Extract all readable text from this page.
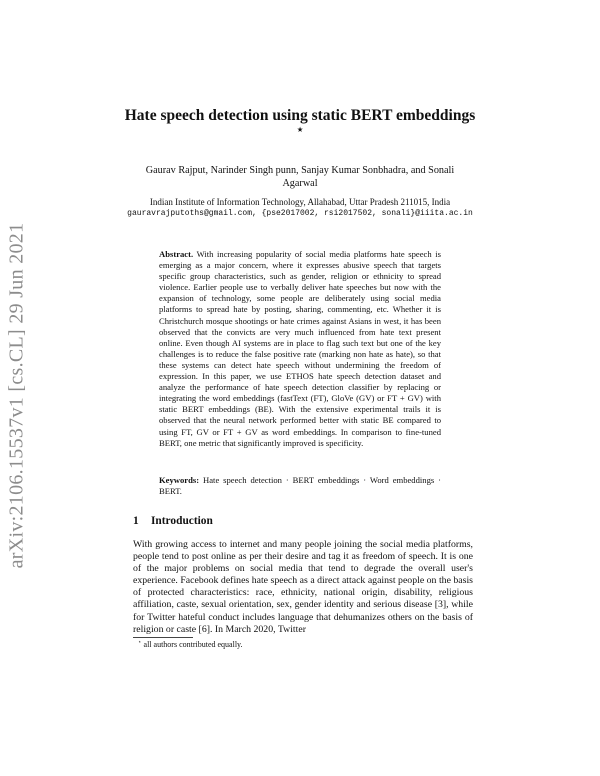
arXiv:2106.15537v1 [cs.CL] 29 Jun 2021
Hate speech detection using static BERT embeddings ⋆
Gaurav Rajput, Narinder Singh punn, Sanjay Kumar Sonbhadra, and Sonali Agarwal
Indian Institute of Information Technology, Allahabad, Uttar Pradesh 211015, India
gauravrajputoths@gmail.com, {pse2017002, rsi2017502, sonali}@iiita.ac.in
Abstract. With increasing popularity of social media platforms hate speech is emerging as a major concern, where it expresses abusive speech that targets specific group characteristics, such as gender, religion or ethnicity to spread violence. Earlier people use to verbally deliver hate speeches but now with the expansion of technology, some people are deliberately using social media platforms to spread hate by posting, sharing, commenting, etc. Whether it is Christchurch mosque shootings or hate crimes against Asians in west, it has been observed that the convicts are very much influenced from hate text present online. Even though AI systems are in place to flag such text but one of the key challenges is to reduce the false positive rate (marking non hate as hate), so that these systems can detect hate speech without undermining the freedom of expression. In this paper, we use ETHOS hate speech detection dataset and analyze the performance of hate speech detection classifier by replacing or integrating the word embeddings (fastText (FT), GloVe (GV) or FT + GV) with static BERT embeddings (BE). With the extensive experimental trails it is observed that the neural network performed better with static BE compared to using FT, GV or FT + GV as word embeddings. In comparison to fine-tuned BERT, one metric that significantly improved is specificity.
Keywords: Hate speech detection · BERT embeddings · Word embeddings · BERT.
1 Introduction
With growing access to internet and many people joining the social media platforms, people tend to post online as per their desire and tag it as freedom of speech. It is one of the major problems on social media that tend to degrade the overall user's experience. Facebook defines hate speech as a direct attack against people on the basis of protected characteristics: race, ethnicity, national origin, disability, religious affiliation, caste, sexual orientation, sex, gender identity and serious disease [3], while for Twitter hateful conduct includes language that dehumanizes others on the basis of religion or caste [6]. In March 2020, Twitter
⋆ all authors contributed equally.
